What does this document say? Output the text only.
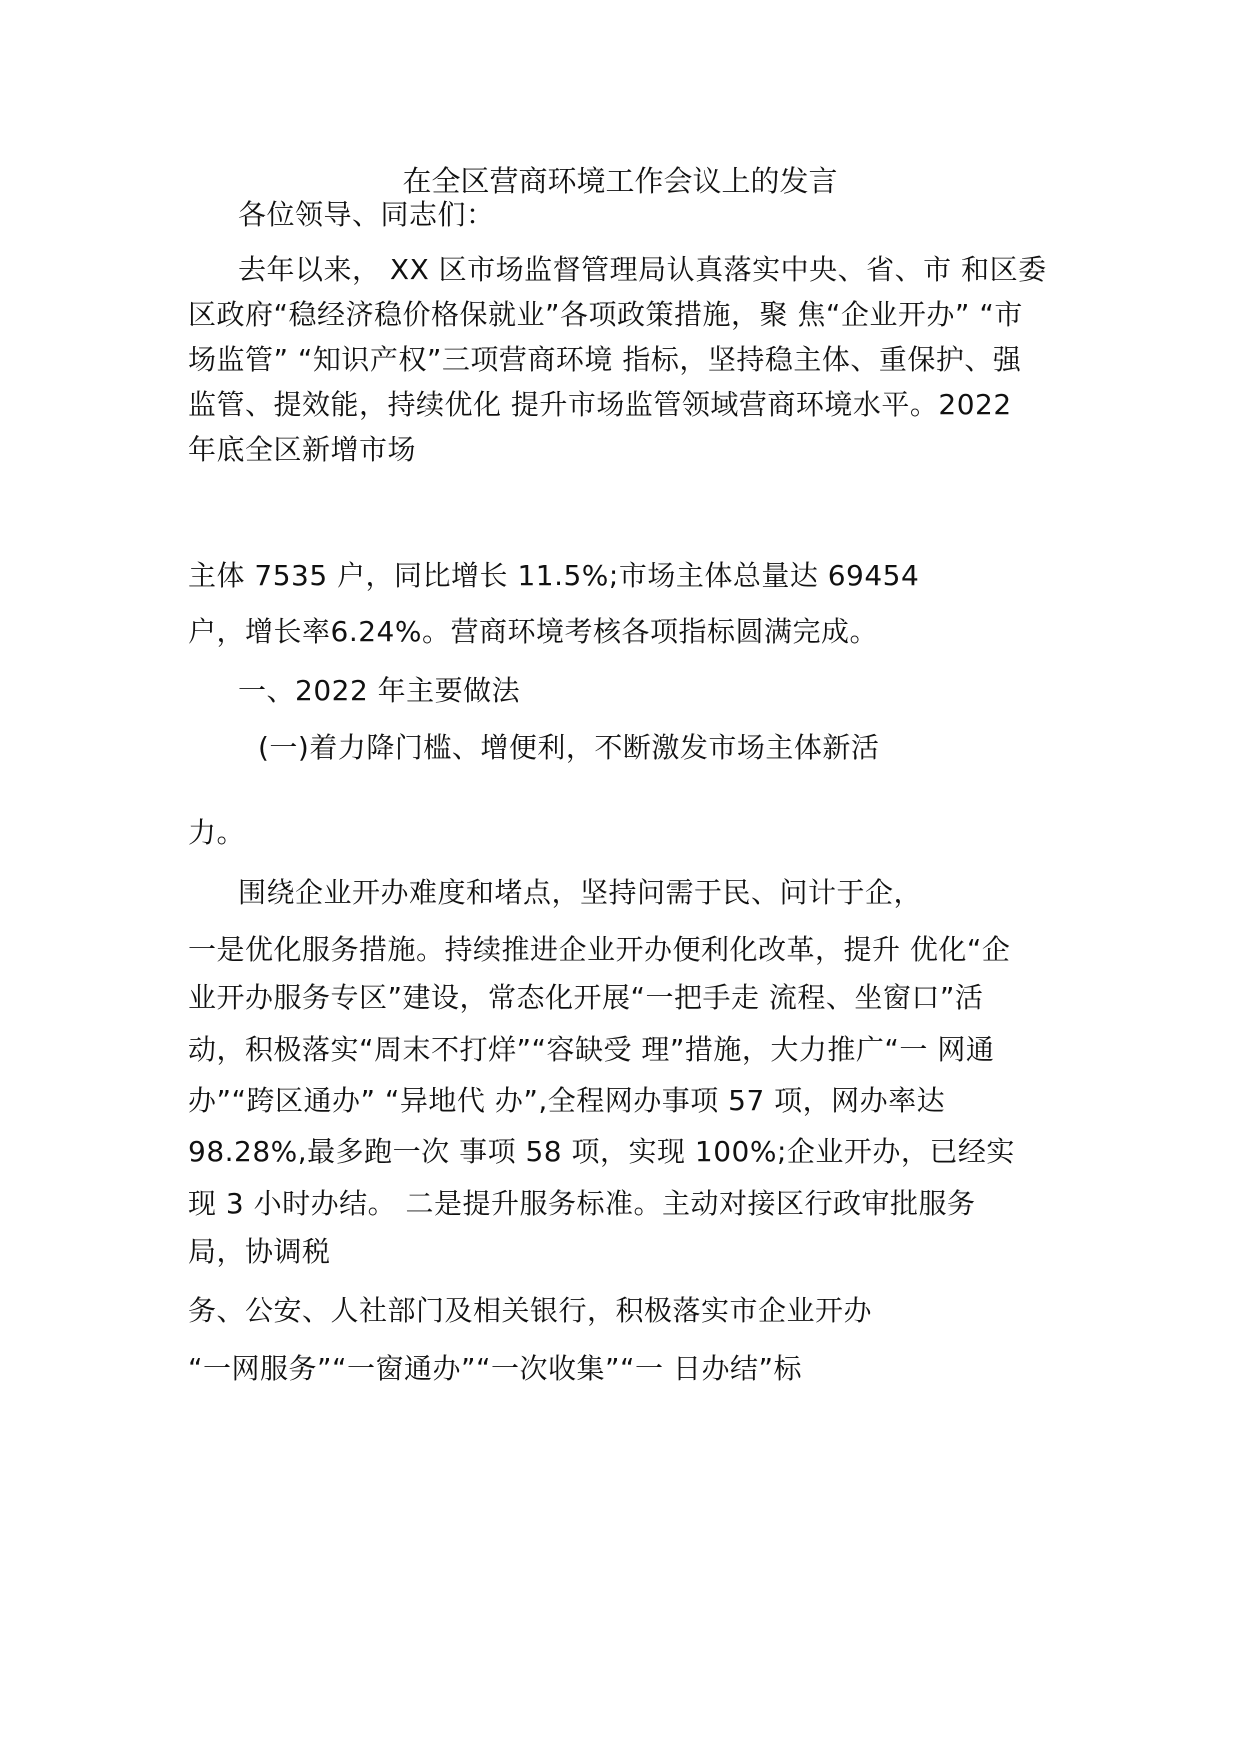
在全区营商环境工作会议上的发言
各位领导、同志们：
去年以来， XX 区市场监督管理局认真落实中央、省、市 和区委
区政府“稳经济稳价格保就业”各项政策措施，聚 焦“企业开办” “市
场监管” “知识产权”三项营商环境 指标，坚持稳主体、重保护、强
监管、提效能，持续优化 提升市场监管领域营商环境水平。2022
年底全区新增市场
主体 7535 户，同比增长 11.5%;市场主体总量达 69454
户，增长率6.24%。营商环境考核各项指标圆满完成。
一、2022 年主要做法
(一)着力降门槛、增便利，不断激发市场主体新活
力。
围绕企业开办难度和堵点，坚持问需于民、问计于企，
一是优化服务措施。持续推进企业开办便利化改革，提升 优化“企
业开办服务专区”建设，常态化开展“一把手走 流程、坐窗口”活
动，积极落实“周末不打烊”“容缺受 理”措施，大力推广“一 网通
办”“跨区通办” “异地代 办”,全程网办事项 57 项，网办率达
98.28%,最多跑一次 事项 58 项，实现 100%;企业开办，已经实
现 3 小时办结。 二是提升服务标准。主动对接区行政审批服务
局，协调税
务、公安、人社部门及相关银行，积极落实市企业开办
“一网服务”“一窗通办”“一次收集”“一 日办结”标
